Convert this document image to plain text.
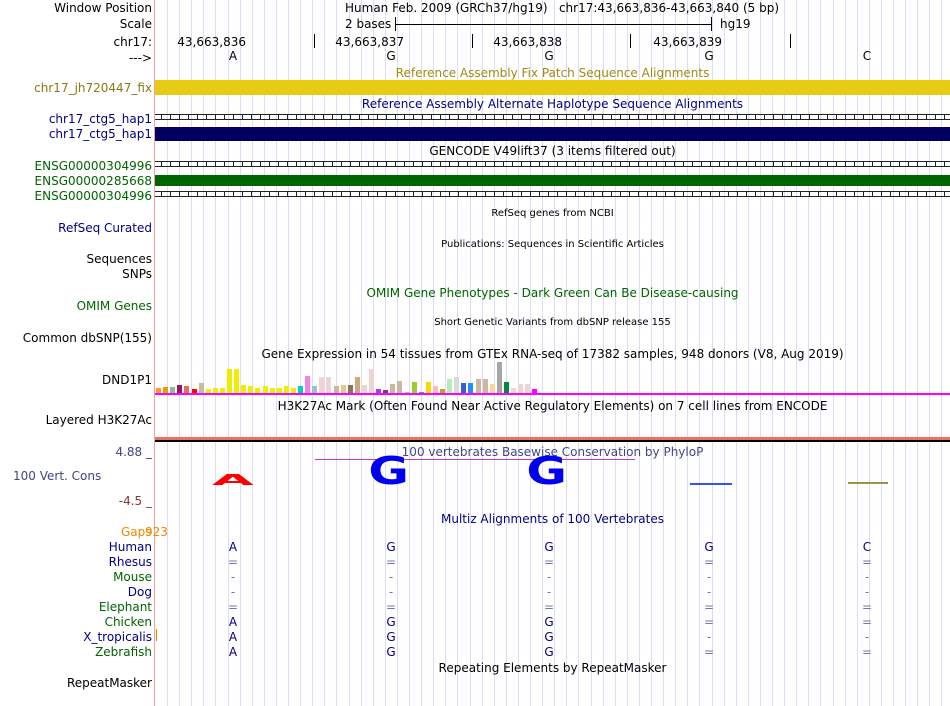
Window Position	Human Feb. 2009 (GRCh37/hg19)   chr17:43,663,836-43,663,840 (5 bp)
Scale	2 bases	hg19
chr17:
--->
43,663,836	43,663,837	43,663,838	43,663,839
A	G	G	G	C
Reference Assembly Fix Patch Sequence Alignments
chr17_jh720447_fix
Reference Assembly Alternate Haplotype Sequence Alignments
chr17_ctg5_hap1
chr17_ctg5_hap1
GENCODE V49lift37 (3 items filtered out)
ENSG00000304996
ENSG00000285668
ENSG00000304996
RefSeq genes from NCBI
RefSeq Curated
Publications: Sequences in Scientific Articles
Sequences
SNPs
OMIM Gene Phenotypes - Dark Green Can Be Disease-causing
OMIM Genes
Short Genetic Variants from dbSNP release 155
Common dbSNP(155)
Gene Expression in 54 tissues from GTEx RNA-seq of 17382 samples, 948 donors (V8, Aug 2019)
DND1P1
H3K27Ac Mark (Often Found Near Active Regulatory Elements) on 7 cell lines from ENCODE
Layered H3K27Ac
4.88 _	100 vertebrates Basewise Conservation by PhyloP
100 Vert. Cons	A	G	G
-4.5 _
Multiz Alignments of 100 Vertebrates
Gaps
923
Human	A	G	G	G	C
Rhesus	=	=	=	=	=
Mouse	-	-	-	-	-
Dog	-	-	-	-	-
Elephant	=	=	=	=	=
Chicken	A	G	G	=	=
X_tropicalis	A	G	G	-	-
Zebrafish	A	G	G	=	=
Repeating Elements by RepeatMasker
RepeatMasker
